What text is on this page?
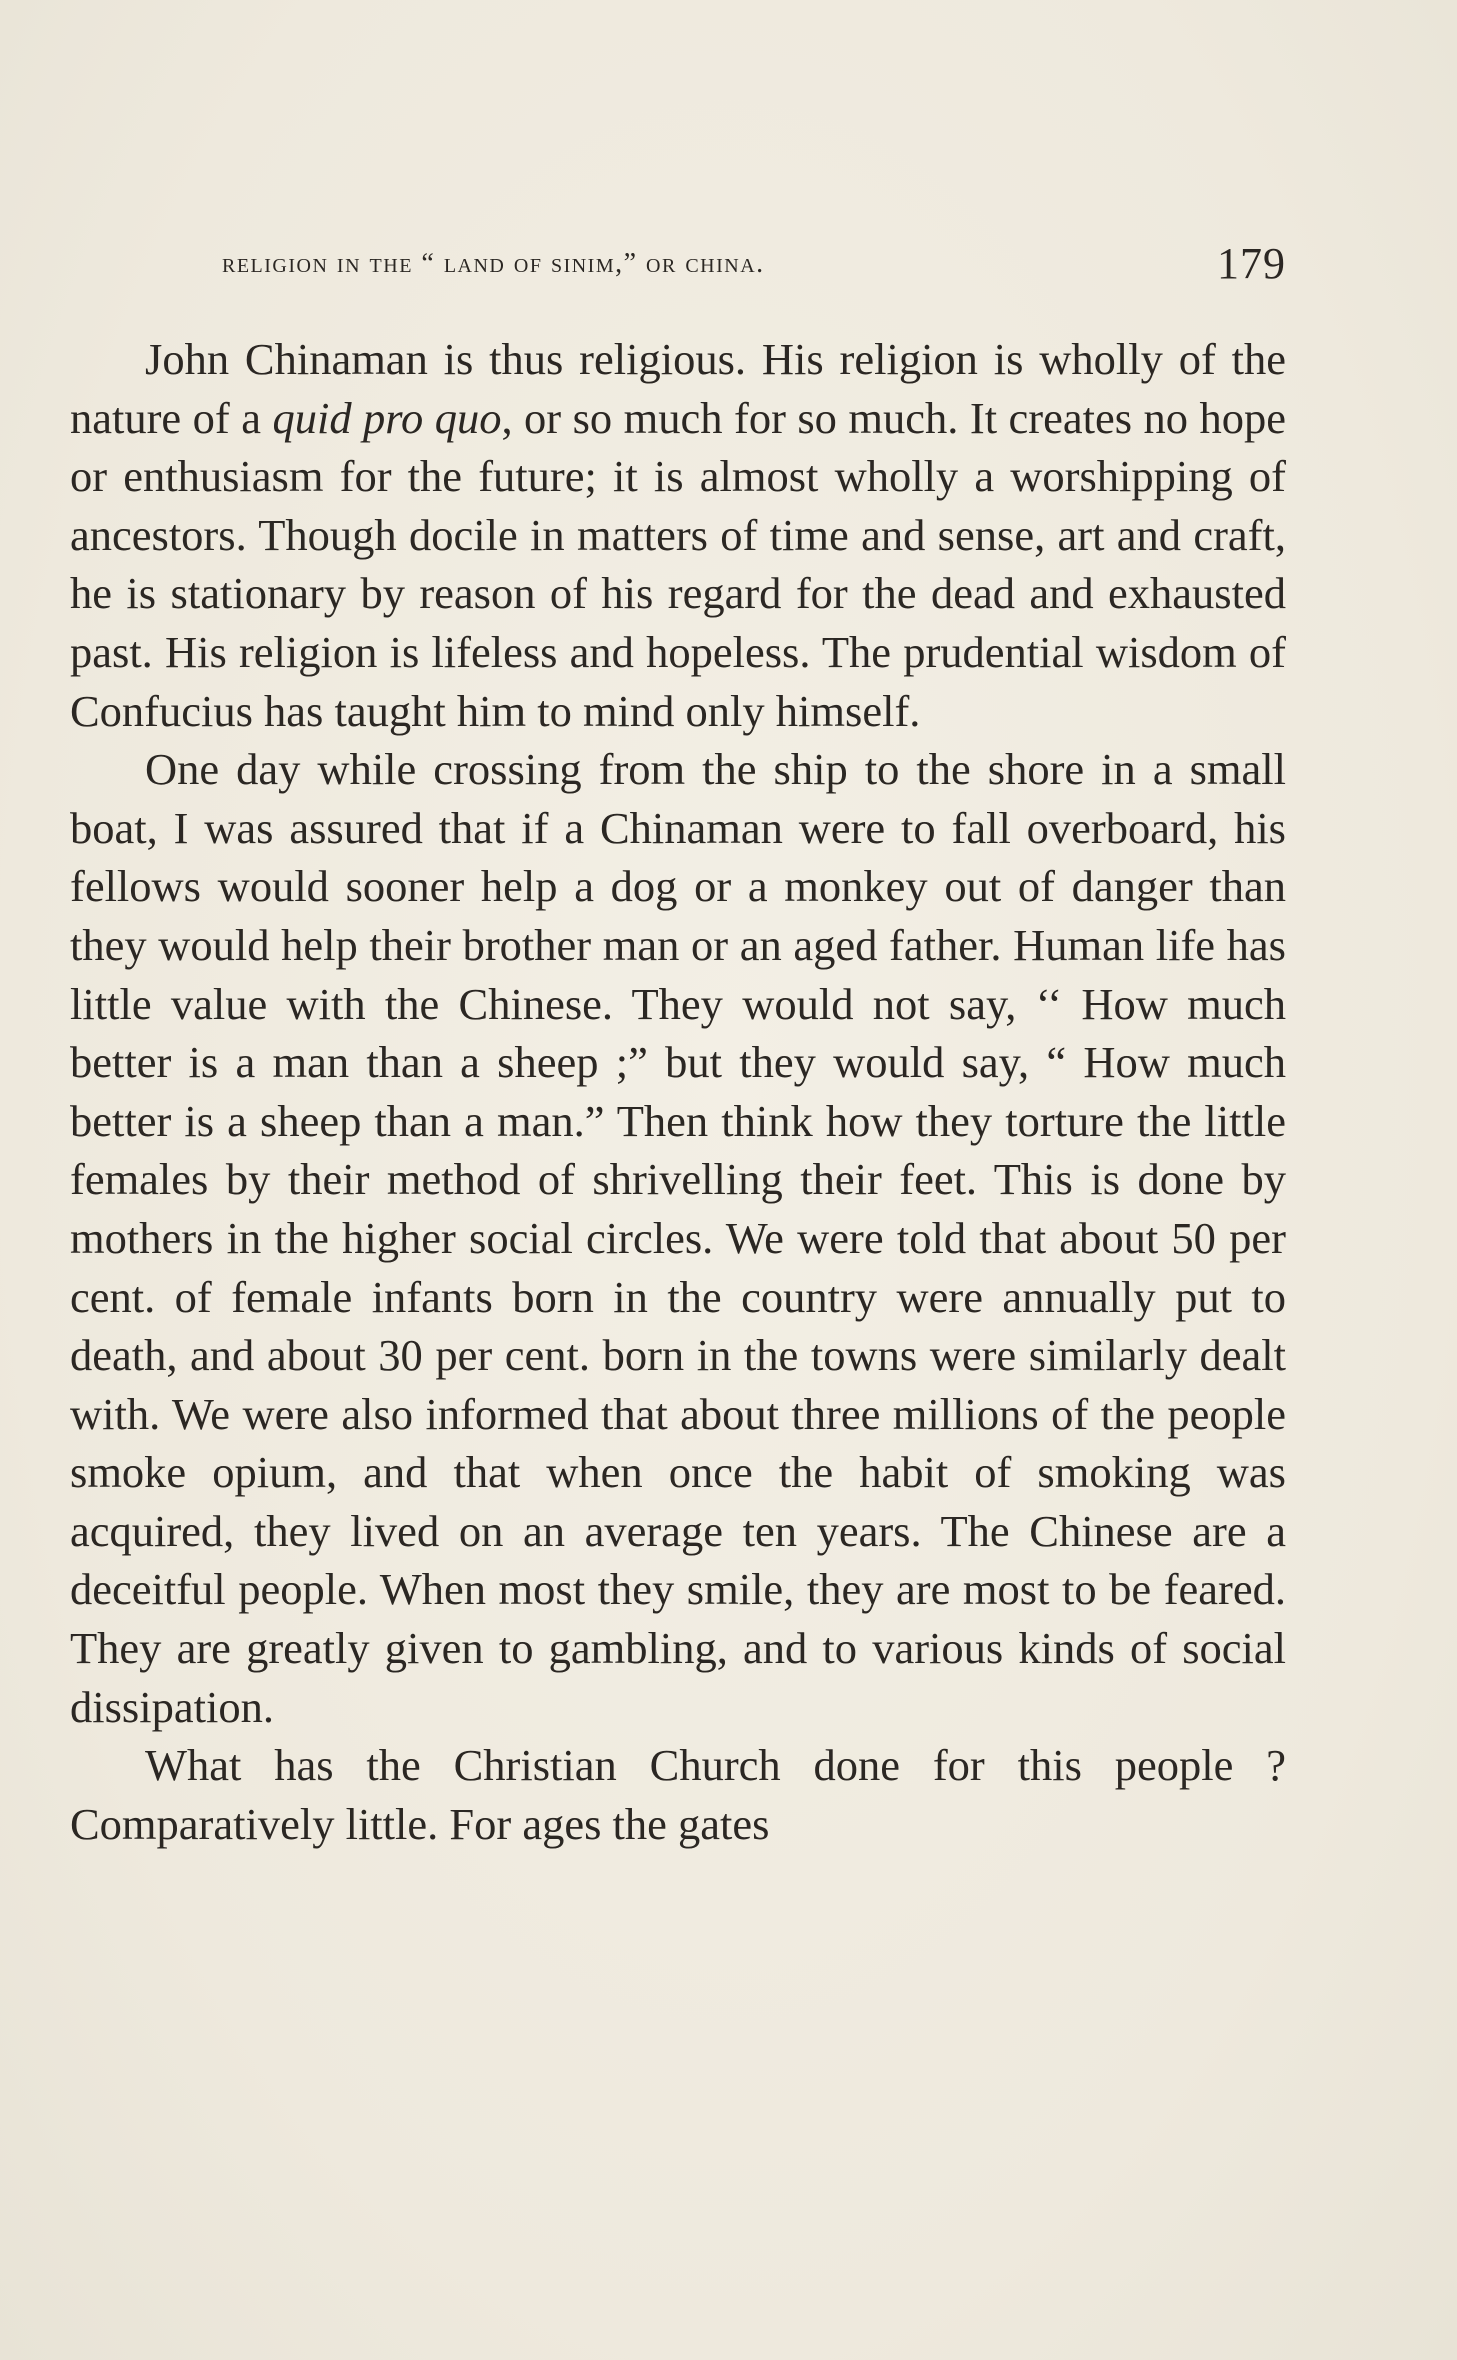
religion in the “ land of sinim,” or china.	179

John Chinaman is thus religious. His religion is wholly of the nature of a quid pro quo, or so much for so much. It creates no hope or enthusiasm for the future; it is almost wholly a worshipping of ancestors. Though docile in matters of time and sense, art and craft, he is stationary by reason of his regard for the dead and exhausted past. His religion is lifeless and hopeless. The prudential wisdom of Confucius has taught him to mind only himself.

One day while crossing from the ship to the shore in a small boat, I was assured that if a Chinaman were to fall overboard, his fellows would sooner help a dog or a monkey out of danger than they would help their brother man or an aged father. Human life has little value with the Chinese. They would not say, ‘‘ How much better is a man than a sheep ;” but they would say, “ How much better is a sheep than a man.” Then think how they torture the little females by their method of shrivelling their feet. This is done by mothers in the higher social circles. We were told that about 50 per cent. of female infants born in the country were annually put to death, and about 30 per cent. born in the towns were similarly dealt with. We were also informed that about three millions of the people smoke opium, and that when once the habit of smoking was acquired, they lived on an average ten years. The Chinese are a deceitful people. When most they smile, they are most to be feared. They are greatly given to gambling, and to various kinds of social dissipation.

What has the Christian Church done for this people ? Comparatively little. For ages the gates
